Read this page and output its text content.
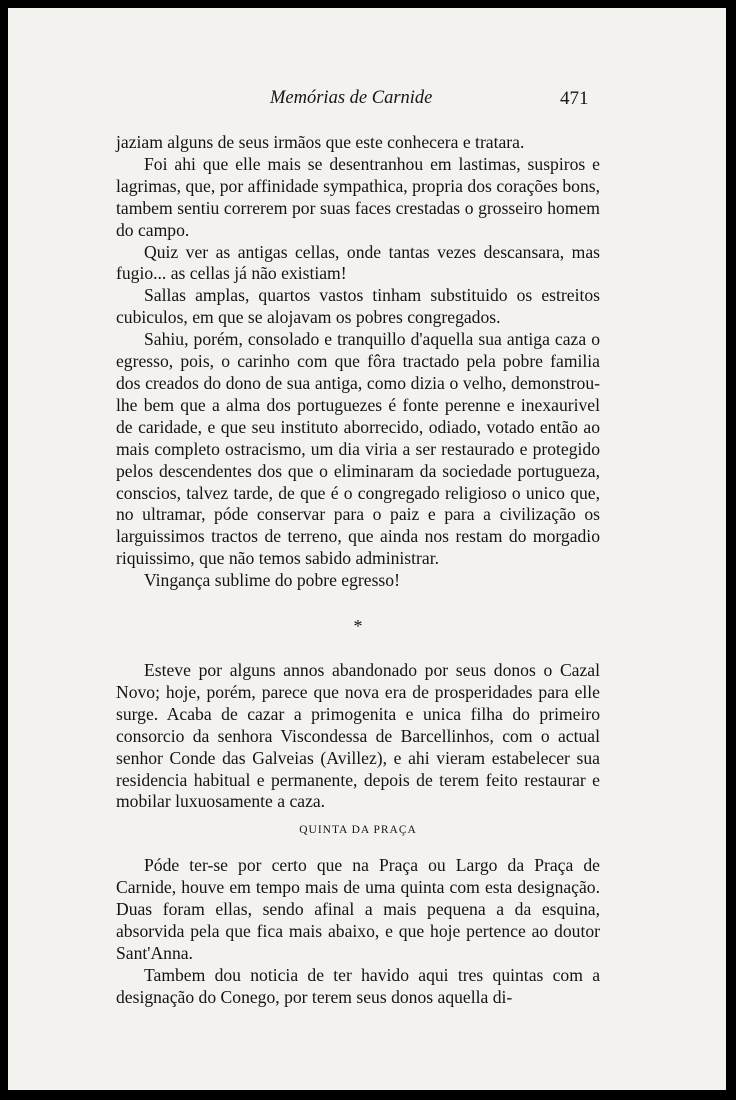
Memórias de Carnide	471

jaziam alguns de seus irmãos que este conhecera e tratara.

Foi ahi que elle mais se desentranhou em lastimas, suspiros e lagrimas, que, por affinidade sympathica, propria dos corações bons, tambem sentiu correrem por suas faces crestadas o grosseiro homem do campo.

Quiz ver as antigas cellas, onde tantas vezes descansara, mas fugio... as cellas já não existiam!

Sallas amplas, quartos vastos tinham substituido os estreitos cubiculos, em que se alojavam os pobres congregados.

Sahiu, porém, consolado e tranquillo d'aquella sua antiga caza o egresso, pois, o carinho com que fôra tractado pela pobre familia dos creados do dono de sua antiga, como dizia o velho, demonstrou-lhe bem que a alma dos portuguezes é fonte perenne e inexaurivel de caridade, e que seu instituto aborrecido, odiado, votado então ao mais completo ostracismo, um dia viria a ser restaurado e protegido pelos descendentes dos que o eliminaram da sociedade portugueza, conscios, talvez tarde, de que é o congregado religioso o unico que, no ultramar, póde conservar para o paiz e para a civilização os larguissimos tractos de terreno, que ainda nos restam do morgadio riquissimo, que não temos sabido administrar.

Vingança sublime do pobre egresso!

*

Esteve por alguns annos abandonado por seus donos o Cazal Novo; hoje, porém, parece que nova era de prosperidades para elle surge. Acaba de cazar a primogenita e unica filha do primeiro consorcio da senhora Viscondessa de Barcellinhos, com o actual senhor Conde das Galveias (Avillez), e ahi vieram estabelecer sua residencia habitual e permanente, depois de terem feito restaurar e mobilar luxuosamente a caza.

QUINTA DA PRAÇA

Póde ter-se por certo que na Praça ou Largo da Praça de Carnide, houve em tempo mais de uma quinta com esta designação. Duas foram ellas, sendo afinal a mais pequena a da esquina, absorvida pela que fica mais abaixo, e que hoje pertence ao doutor Sant'Anna.

Tambem dou noticia de ter havido aqui tres quintas com a designação do Conego, por terem seus donos aquella di-
